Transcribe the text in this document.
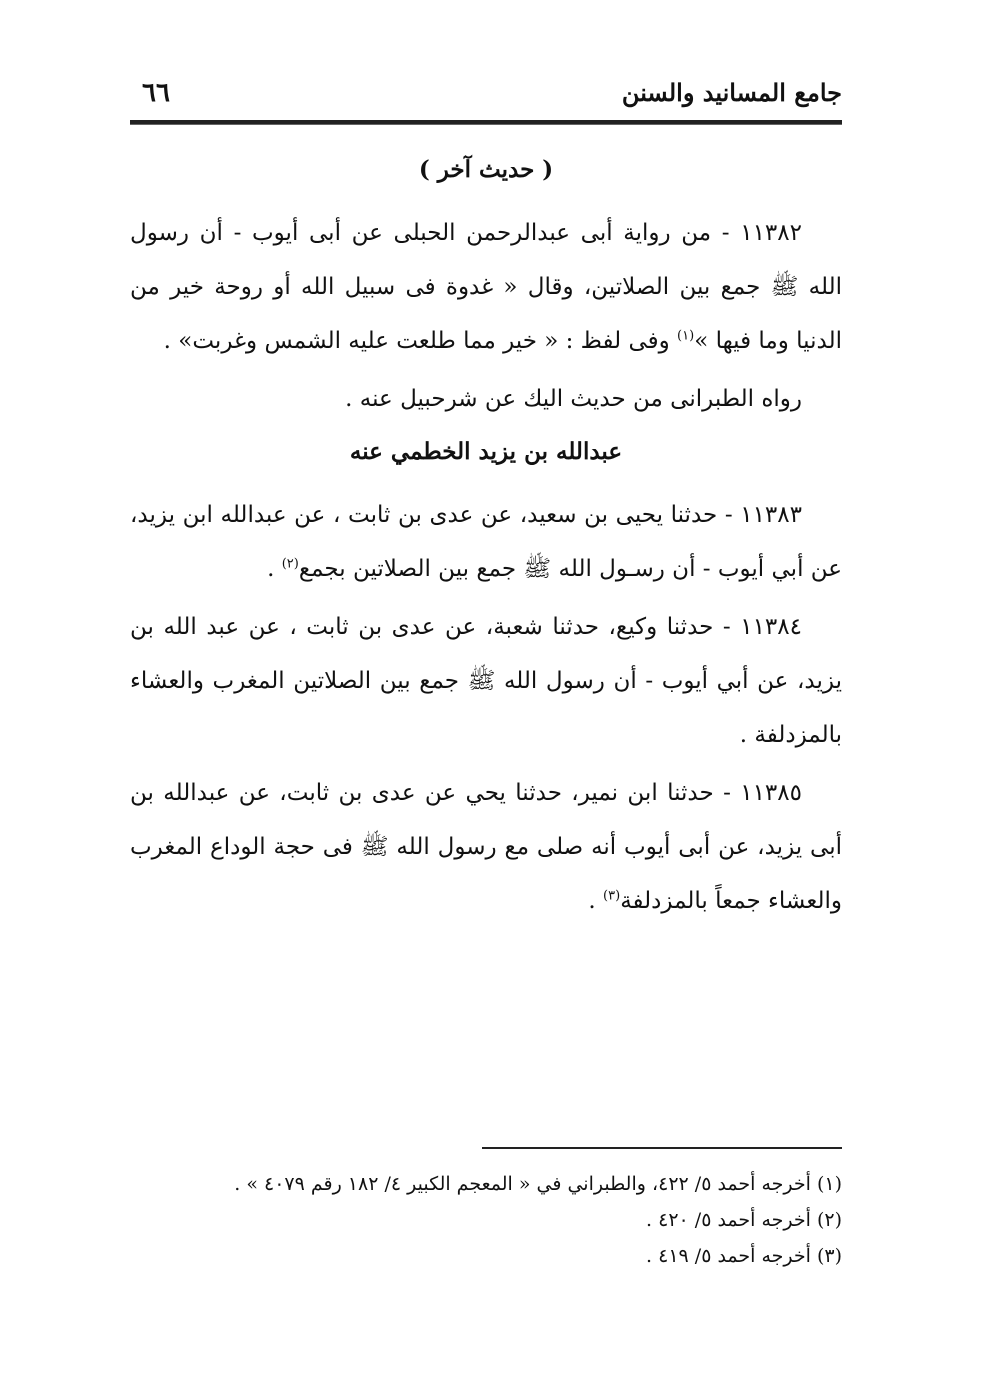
جامع المسانيد والسنن
٦٦

( حديث آخر )

١١٣٨٢ - من رواية أبى عبدالرحمن الحبلى عن أبى أيوب - أن رسول الله ﷺ جمع بين الصلاتين، وقال « غدوة فى سبيل الله أو روحة خير من الدنيا وما فيها »$^{(١)}$ وفى لفظ : « خير مما طلعت عليه الشمس وغربت» .

رواه الطبرانى من حديث اليك عن شرحبيل عنه .

عبدالله بن يزيد الخطمي عنه

١١٣٨٣ - حدثنا يحيى بن سعيد، عن عدى بن ثابت ، عن عبدالله ابن يزيد، عن أبي أيوب - أن رسـول الله ﷺ جمع بين الصلاتين بجمع$^{(٢)}$ .

١١٣٨٤ - حدثنا وكيع، حدثنا شعبة، عن عدى بن ثابت ، عن عبد الله بن يزيد، عن أبي أيوب - أن رسول الله ﷺ جمع بين الصلاتين المغرب والعشاء بالمزدلفة .

١١٣٨٥ - حدثنا ابن نمير، حدثنا يحي عن عدى بن ثابت، عن عبدالله بن أبى يزيد، عن أبى أيوب أنه صلى مع رسول الله ﷺ فى حجة الوداع المغرب والعشاء جمعاً بالمزدلفة$^{(٣)}$ .

(١) أخرجه أحمد ٥/ ٤٢٢، والطبراني في « المعجم الكبير ٤/ ١٨٢ رقم ٤٠٧٩ » .

(٢) أخرجه أحمد ٥/ ٤٢٠ .

(٣) أخرجه أحمد ٥/ ٤١٩ .
